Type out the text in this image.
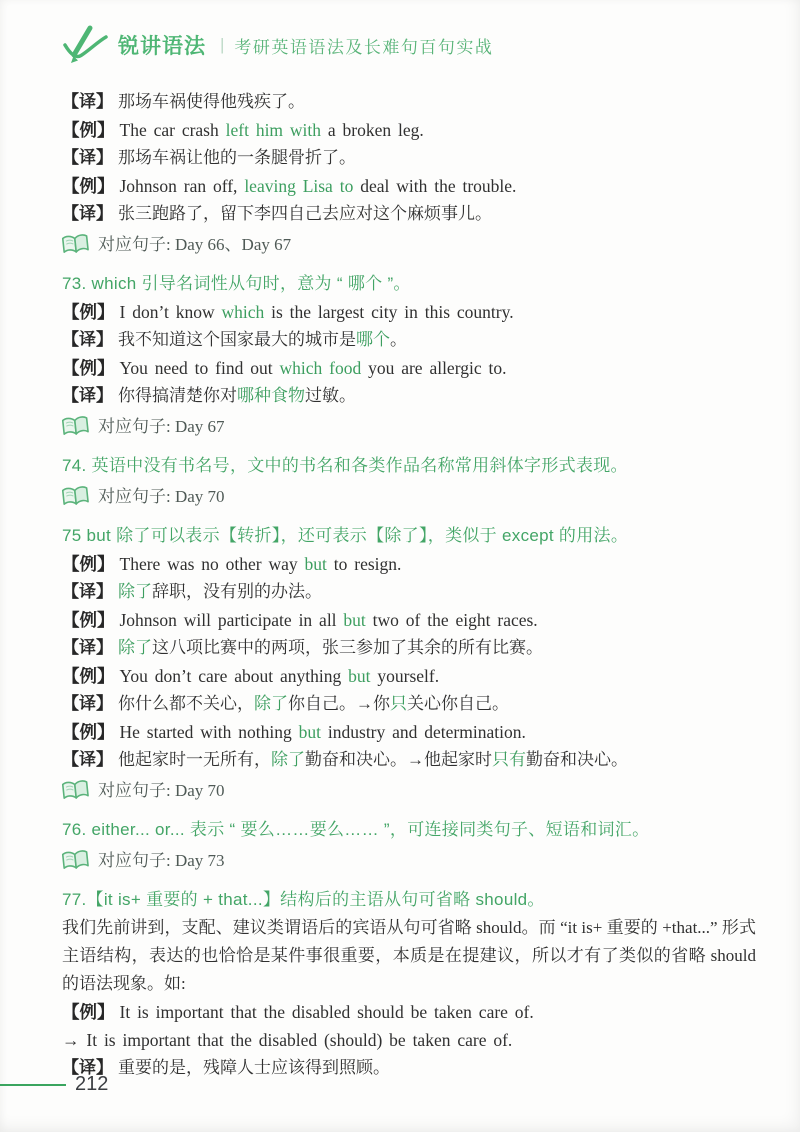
锐讲语法 | 考研英语语法及长难句百句实战
【译】 那场车祸使得他残疾了。
【例】 The car crash left him with a broken leg.
【译】 那场车祸让他的一条腿骨折了。
【例】 Johnson ran off, leaving Lisa to deal with the trouble.
【译】 张三跑路了，留下李四自己去应对这个麻烦事儿。
对应句子: Day 66、Day 67
73. which 引导名词性从句时，意为 “ 哪个 ”。
【例】 I don’t know which is the largest city in this country.
【译】 我不知道这个国家最大的城市是哪个。
【例】 You need to find out which food you are allergic to.
【译】 你得搞清楚你对哪种食物过敏。
对应句子: Day 67
74. 英语中没有书名号，文中的书名和各类作品名称常用斜体字形式表现。
对应句子: Day 70
75 but 除了可以表示【转折】，还可表示【除了】，类似于 except 的用法。
【例】 There was no other way but to resign.
【译】 除了辞职，没有别的办法。
【例】 Johnson will participate in all but two of the eight races.
【译】 除了这八项比赛中的两项，张三参加了其余的所有比赛。
【例】 You don’t care about anything but yourself.
【译】 你什么都不关心，除了你自己。→你只关心你自己。
【例】 He started with nothing but industry and determination.
【译】 他起家时一无所有，除了勤奋和决心。→他起家时只有勤奋和决心。
对应句子: Day 70
76. either... or... 表示 “ 要么……要么…… ”，可连接同类句子、短语和词汇。
对应句子: Day 73
77.【it is+ 重要的 + that...】结构后的主语从句可省略 should。
我们先前讲到，支配、建议类谓语后的宾语从句可省略 should。而 “it is+ 重要的 +that...” 形式主语结构，表达的也恰恰是某件事很重要，本质是在提建议，所以才有了类似的省略 should 的语法现象。如:
【例】 It is important that the disabled should be taken care of.
→ It is important that the disabled (should) be taken care of.
【译】 重要的是，残障人士应该得到照顾。
212
